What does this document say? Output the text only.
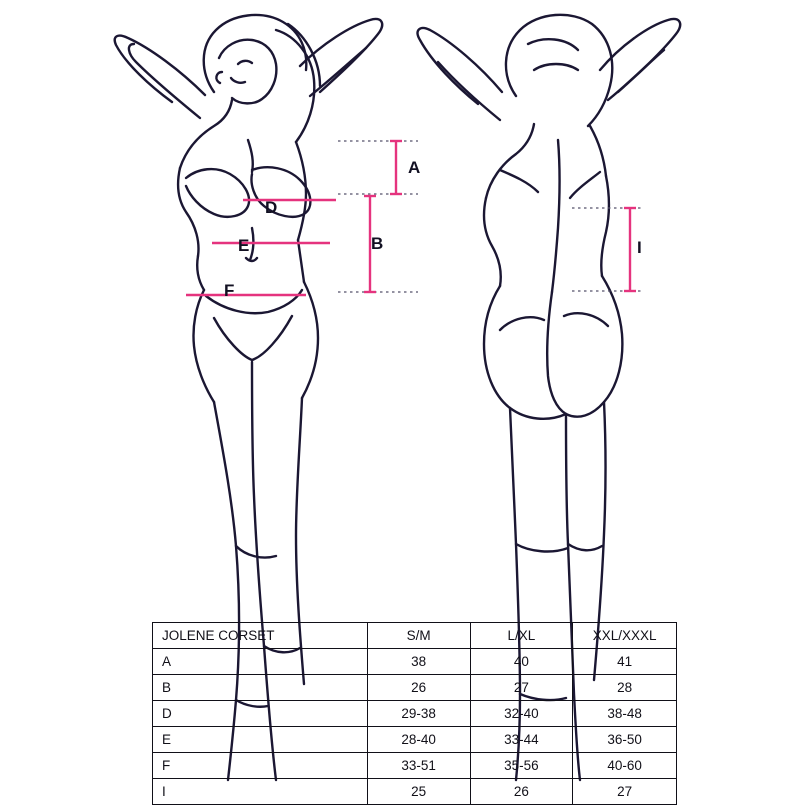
A
B
D
E
F
I
JOLENE CORSET	S/M	L/XL	XXL/XXXL
A	38	40	41
B	26	27	28
D	29-38	32-40	38-48
E	28-40	33-44	36-50
F	33-51	35-56	40-60
I	25	26	27
